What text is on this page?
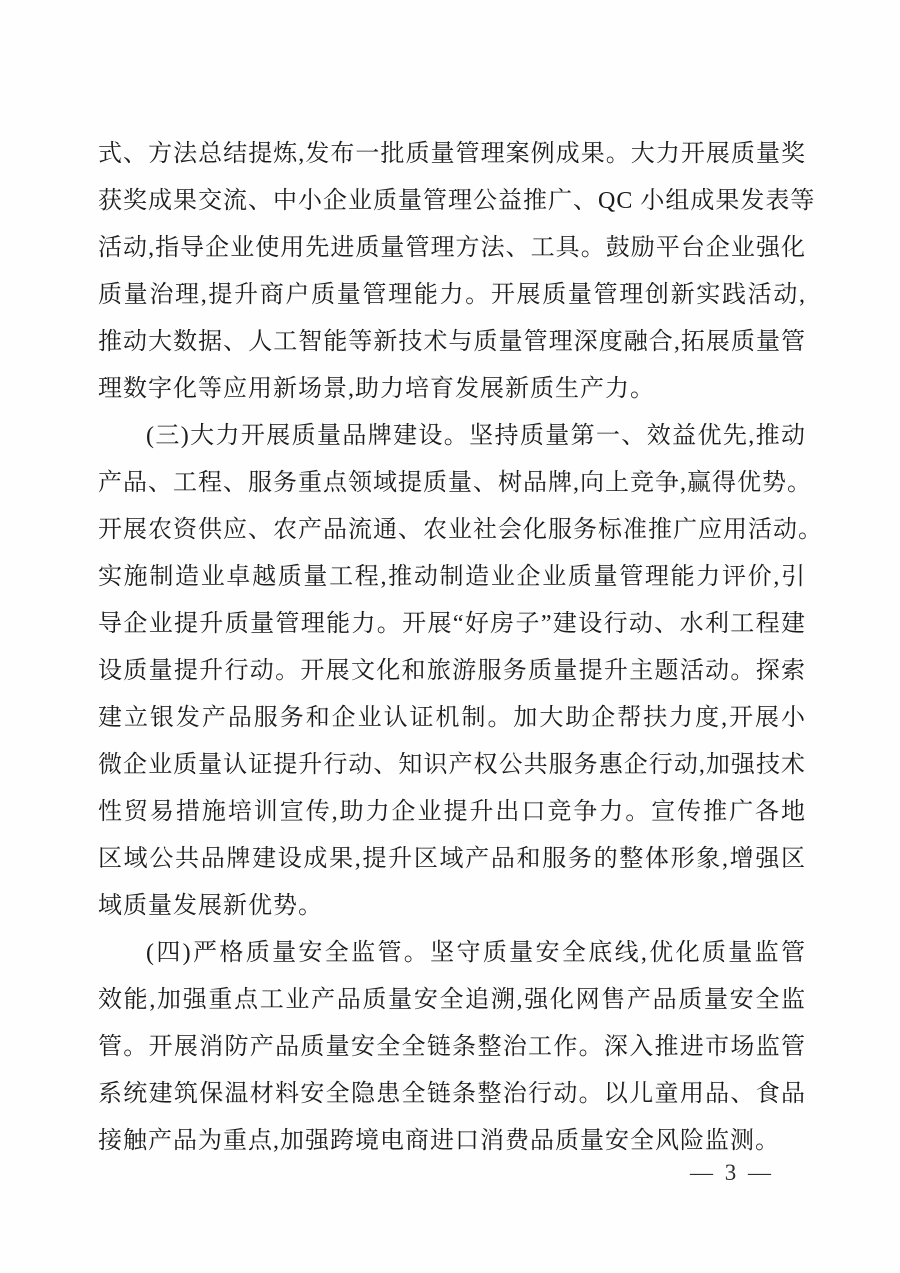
式、方法总结提炼,发布一批质量管理案例成果。大力开展质量奖
获奖成果交流、中小企业质量管理公益推广、QC 小组成果发表等
活动,指导企业使用先进质量管理方法、工具。鼓励平台企业强化
质量治理,提升商户质量管理能力。开展质量管理创新实践活动,
推动大数据、人工智能等新技术与质量管理深度融合,拓展质量管
理数字化等应用新场景,助力培育发展新质生产力。
(三)大力开展质量品牌建设。坚持质量第一、效益优先,推动
产品、工程、服务重点领域提质量、树品牌,向上竞争,赢得优势。
开展农资供应、农产品流通、农业社会化服务标准推广应用活动。
实施制造业卓越质量工程,推动制造业企业质量管理能力评价,引
导企业提升质量管理能力。开展“好房子”建设行动、水利工程建
设质量提升行动。开展文化和旅游服务质量提升主题活动。探索
建立银发产品服务和企业认证机制。加大助企帮扶力度,开展小
微企业质量认证提升行动、知识产权公共服务惠企行动,加强技术
性贸易措施培训宣传,助力企业提升出口竞争力。宣传推广各地
区域公共品牌建设成果,提升区域产品和服务的整体形象,增强区
域质量发展新优势。
(四)严格质量安全监管。坚守质量安全底线,优化质量监管
效能,加强重点工业产品质量安全追溯,强化网售产品质量安全监
管。开展消防产品质量安全全链条整治工作。深入推进市场监管
系统建筑保温材料安全隐患全链条整治行动。以儿童用品、食品
接触产品为重点,加强跨境电商进口消费品质量安全风险监测。
— 3 —
